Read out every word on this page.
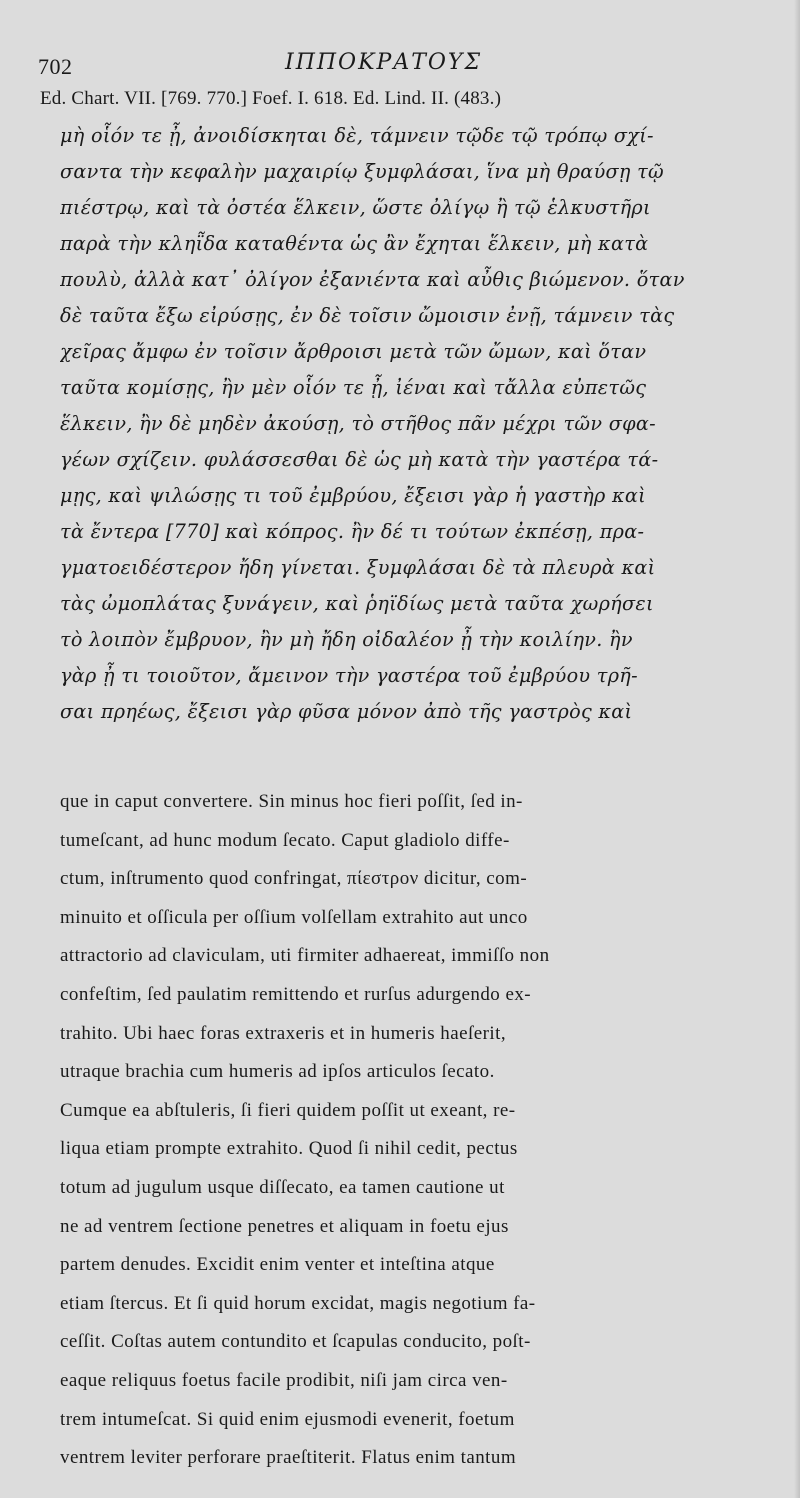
702	ΙΠΠΟΚΡΑΤΟΥΣ
Ed. Chart. VII. [769. 770.] Foef. I. 618. Ed. Lind. II. (483.)
μὴ οἷόν τε ᾖ, ἀνοιδίσκηται δὲ, τάμνειν τῷδε τῷ τρόπῳ σχί-
σαντα τὴν κεφαλὴν μαχαιρίῳ ξυμφλάσαι, ἵνα μὴ θραύσῃ τῷ
πιέστρῳ, καὶ τὰ ὀστέα ἕλκειν, ὥστε ὀλίγῳ ἢ τῷ ἑλκυστῆρι
παρὰ τὴν κληῗδα καταθέντα ὡς ἂν ἔχηται ἕλκειν, μὴ κατὰ
πουλὺ, ἀλλὰ κατ᾽ ὀλίγον ἐξανιέντα καὶ αὖθις βιώμενον. ὅταν
δὲ ταῦτα ἔξω εἰρύσῃς, ἐν δὲ τοῖσιν ὤμοισιν ἐνῇ, τάμνειν τὰς
χεῖρας ἄμφω ἐν τοῖσιν ἄρθροισι μετὰ τῶν ὤμων, καὶ ὅταν
ταῦτα κομίσῃς, ἢν μὲν οἷόν τε ᾖ, ἰέναι καὶ τἄλλα εὐπετῶς
ἕλκειν, ἢν δὲ μηδὲν ἀκούσῃ, τὸ στῆθος πᾶν μέχρι τῶν σφα-
γέων σχίζειν. φυλάσσεσθαι δὲ ὡς μὴ κατὰ τὴν γαστέρα τά-
μῃς, καὶ ψιλώσῃς τι τοῦ ἐμβρύου, ἔξεισι γὰρ ἡ γαστὴρ καὶ
τὰ ἔντερα [770] καὶ κόπρος. ἢν δέ τι τούτων ἐκπέσῃ, πρα-
γματοειδέστερον ἤδη γίνεται. ξυμφλάσαι δὲ τὰ πλευρὰ καὶ
τὰς ὠμοπλάτας ξυνάγειν, καὶ ῥηϊδίως μετὰ ταῦτα χωρήσει
τὸ λοιπὸν ἔμβρυον, ἢν μὴ ἤδη οἰδαλέον ᾖ τὴν κοιλίην. ἢν
γὰρ ᾖ τι τοιοῦτον, ἄμεινον τὴν γαστέρα τοῦ ἐμβρύου τρῆ-
σαι πρηέως, ἔξεισι γὰρ φῦσα μόνον ἀπὸ τῆς γαστρὸς καὶ
que in caput convertere. Sin minus hoc fieri poſſit, ſed in-
tumeſcant, ad hunc modum ſecato. Caput gladiolo diffe-
ctum, inſtrumento quod confringat, πίεστρον dicitur, com-
minuito et oſſicula per oſſium volſellam extrahito aut unco
attractorio ad claviculam, uti firmiter adhaereat, immiſſo non
confeſtim, ſed paulatim remittendo et rurſus adurgendo ex-
trahito. Ubi haec foras extraxeris et in humeris haeſerit,
utraque brachia cum humeris ad ipſos articulos ſecato.
Cumque ea abſtuleris, ſi fieri quidem poſſit ut exeant, re-
liqua etiam prompte extrahito. Quod ſi nihil cedit, pectus
totum ad jugulum usque diſſecato, ea tamen cautione ut
ne ad ventrem ſectione penetres et aliquam in foetu ejus
partem denudes. Excidit enim venter et inteſtina atque
etiam ſtercus. Et ſi quid horum excidat, magis negotium fa-
ceſſit. Coſtas autem contundito et ſcapulas conducito, poſt-
eaque reliquus foetus facile prodibit, niſi jam circa ven-
trem intumeſcat. Si quid enim ejusmodi evenerit, foetum
ventrem leviter perforare praeſtiterit. Flatus enim tantum
